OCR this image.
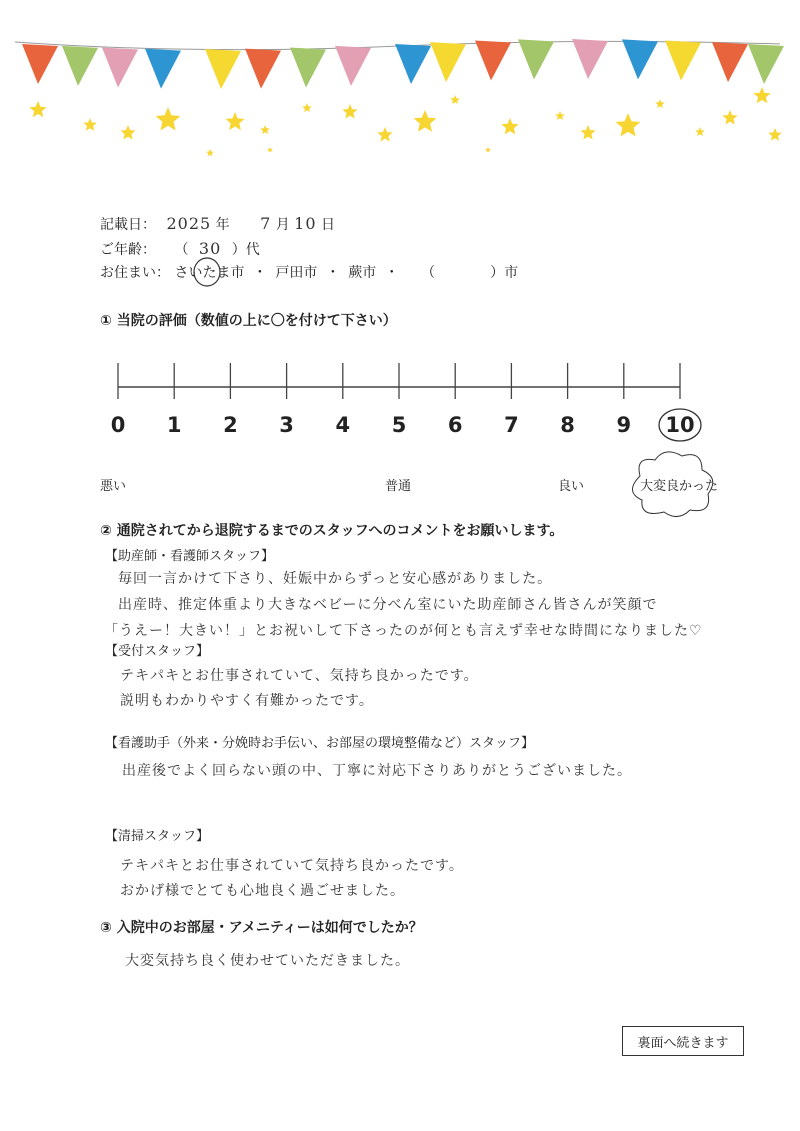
記載日： 2025 年 7 月 10 日
ご年齢： （ 30 ）代
お住まい： さいたま市 ・ 戸田市 ・ 蕨市 ・ （	）市
① 当院の評価（数値の上に〇を付けて下さい）
0 1 2 3 4 5 6 7 8 9 10
悪い	普通	良い	大変良かった
② 通院されてから退院するまでのスタッフへのコメントをお願いします。
【助産師・看護師スタッフ】
毎回一言かけて下さり、妊娠中からずっと安心感がありました。
出産時、推定体重より大きなベビーに分べん室にいた助産師さん皆さんが笑顔で
「うえー！大きい！」とお祝いして下さったのが何とも言えず幸せな時間になりました♡
【受付スタッフ】
テキパキとお仕事されていて、気持ち良かったです。
説明もわかりやすく有難かったです。
【看護助手（外来・分娩時お手伝い、お部屋の環境整備など）スタッフ】
出産後でよく回らない頭の中、丁寧に対応下さりありがとうございました。
【清掃スタッフ】
テキパキとお仕事されていて気持ち良かったです。
おかげ様でとても心地良く過ごせました。
③ 入院中のお部屋・アメニティーは如何でしたか？
大変気持ち良く使わせていただきました。
裏面へ続きます
